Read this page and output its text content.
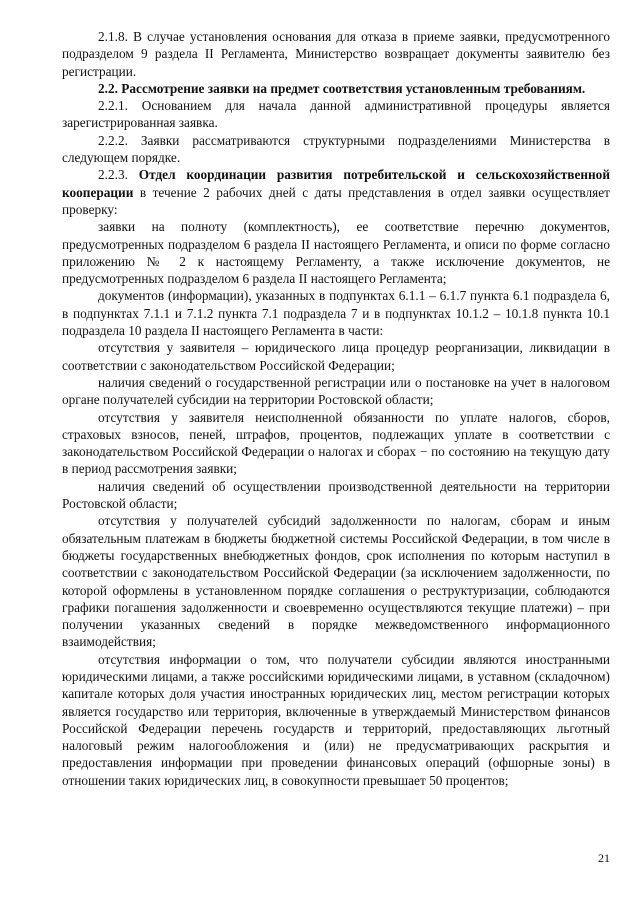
2.1.8. В случае установления основания для отказа в приеме заявки, предусмотренного подразделом 9 раздела II Регламента, Министерство возвращает документы заявителю без регистрации.

2.2. Рассмотрение заявки на предмет соответствия установленным требованиям.

2.2.1. Основанием для начала данной административной процедуры является зарегистрированная заявка.

2.2.2. Заявки рассматриваются структурными подразделениями Министерства в следующем порядке.

2.2.3. Отдел координации развития потребительской и сельскохозяйственной кооперации в течение 2 рабочих дней с даты представления в отдел заявки осуществляет проверку:

заявки на полноту (комплектность), ее соответствие перечню документов, предусмотренных подразделом 6 раздела II настоящего Регламента, и описи по форме согласно приложению № 2 к настоящему Регламенту, а также исключение документов, не предусмотренных подразделом 6 раздела II настоящего Регламента;

документов (информации), указанных в подпунктах 6.1.1 – 6.1.7 пункта 6.1 подраздела 6, в подпунктах 7.1.1 и 7.1.2 пункта 7.1 подраздела 7 и в подпунктах 10.1.2 – 10.1.8 пункта 10.1 подраздела 10 раздела II настоящего Регламента в части:

отсутствия у заявителя – юридического лица процедур реорганизации, ликвидации в соответствии с законодательством Российской Федерации;

наличия сведений о государственной регистрации или о постановке на учет в налоговом органе получателей субсидии на территории Ростовской области;

отсутствия у заявителя неисполненной обязанности по уплате налогов, сборов, страховых взносов, пеней, штрафов, процентов, подлежащих уплате в соответствии с законодательством Российской Федерации о налогах и сборах − по состоянию на текущую дату в период рассмотрения заявки;

наличия сведений об осуществлении производственной деятельности на территории Ростовской области;

отсутствия у получателей субсидий задолженности по налогам, сборам и иным обязательным платежам в бюджеты бюджетной системы Российской Федерации, в том числе в бюджеты государственных внебюджетных фондов, срок исполнения по которым наступил в соответствии с законодательством Российской Федерации (за исключением задолженности, по которой оформлены в установленном порядке соглашения о реструктуризации, соблюдаются графики погашения задолженности и своевременно осуществляются текущие платежи) – при получении указанных сведений в порядке межведомственного информационного взаимодействия;

отсутствия информации о том, что получатели субсидии являются иностранными юридическими лицами, а также российскими юридическими лицами, в уставном (складочном) капитале которых доля участия иностранных юридических лиц, местом регистрации которых является государство или территория, включенные в утверждаемый Министерством финансов Российской Федерации перечень государств и территорий, предоставляющих льготный налоговый режим налогообложения и (или) не предусматривающих раскрытия и предоставления информации при проведении финансовых операций (офшорные зоны) в отношении таких юридических лиц, в совокупности превышает 50 процентов;

21
